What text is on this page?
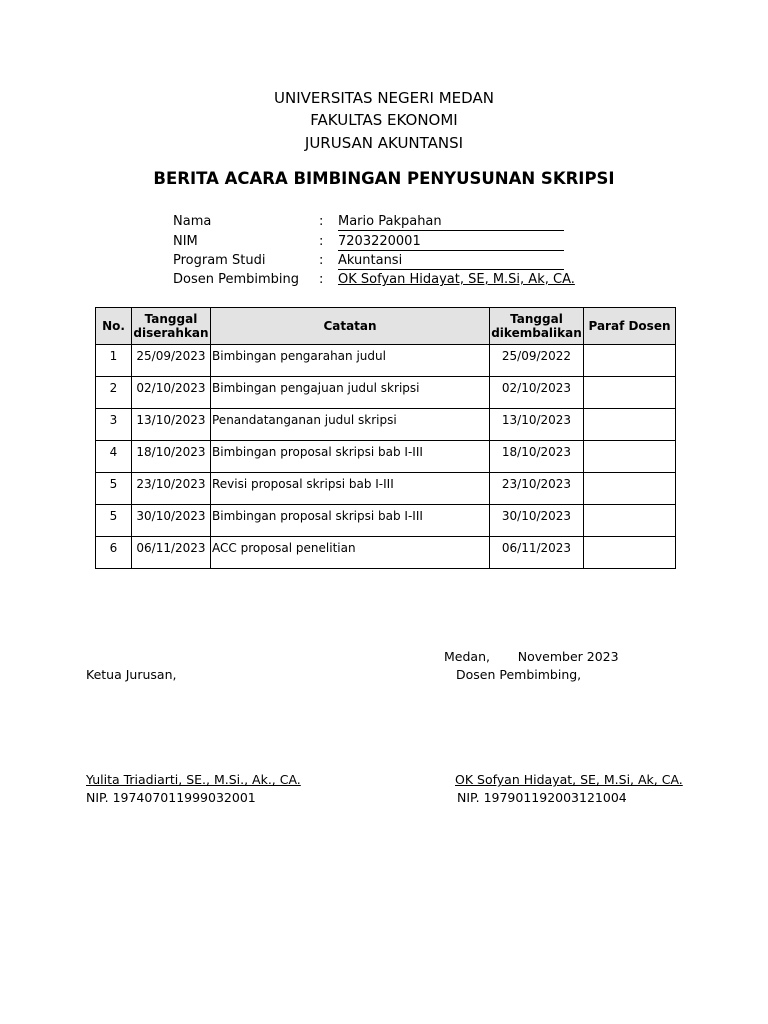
UNIVERSITAS NEGERI MEDAN
FAKULTAS EKONOMI
JURUSAN AKUNTANSI
BERITA ACARA BIMBINGAN PENYUSUNAN SKRIPSI
Nama	: Mario Pakpahan
NIM	: 7203220001
Program Studi	: Akuntansi
Dosen Pembimbing : OK Sofyan Hidayat, SE, M.Si, Ak, CA.
No.	Tanggal diserahkan	Catatan	Tanggal dikembalikan	Paraf Dosen
1	25/09/2023	Bimbingan pengarahan judul	25/09/2022	
2	02/10/2023	Bimbingan pengajuan judul skripsi	02/10/2023	
3	13/10/2023	Penandatanganan judul skripsi	13/10/2023	
4	18/10/2023	Bimbingan proposal skripsi bab I-III	18/10/2023	
5	23/10/2023	Revisi proposal skripsi bab I-III	23/10/2023	
5	30/10/2023	Bimbingan proposal skripsi bab I-III	30/10/2023	
6	06/11/2023	ACC proposal penelitian	06/11/2023	
Medan,       November 2023
Ketua Jurusan,	Dosen Pembimbing,
Yulita Triadiarti, SE., M.Si., Ak., CA.
NIP. 197407011999032001
OK Sofyan Hidayat, SE, M.Si, Ak, CA.
NIP. 197901192003121004
